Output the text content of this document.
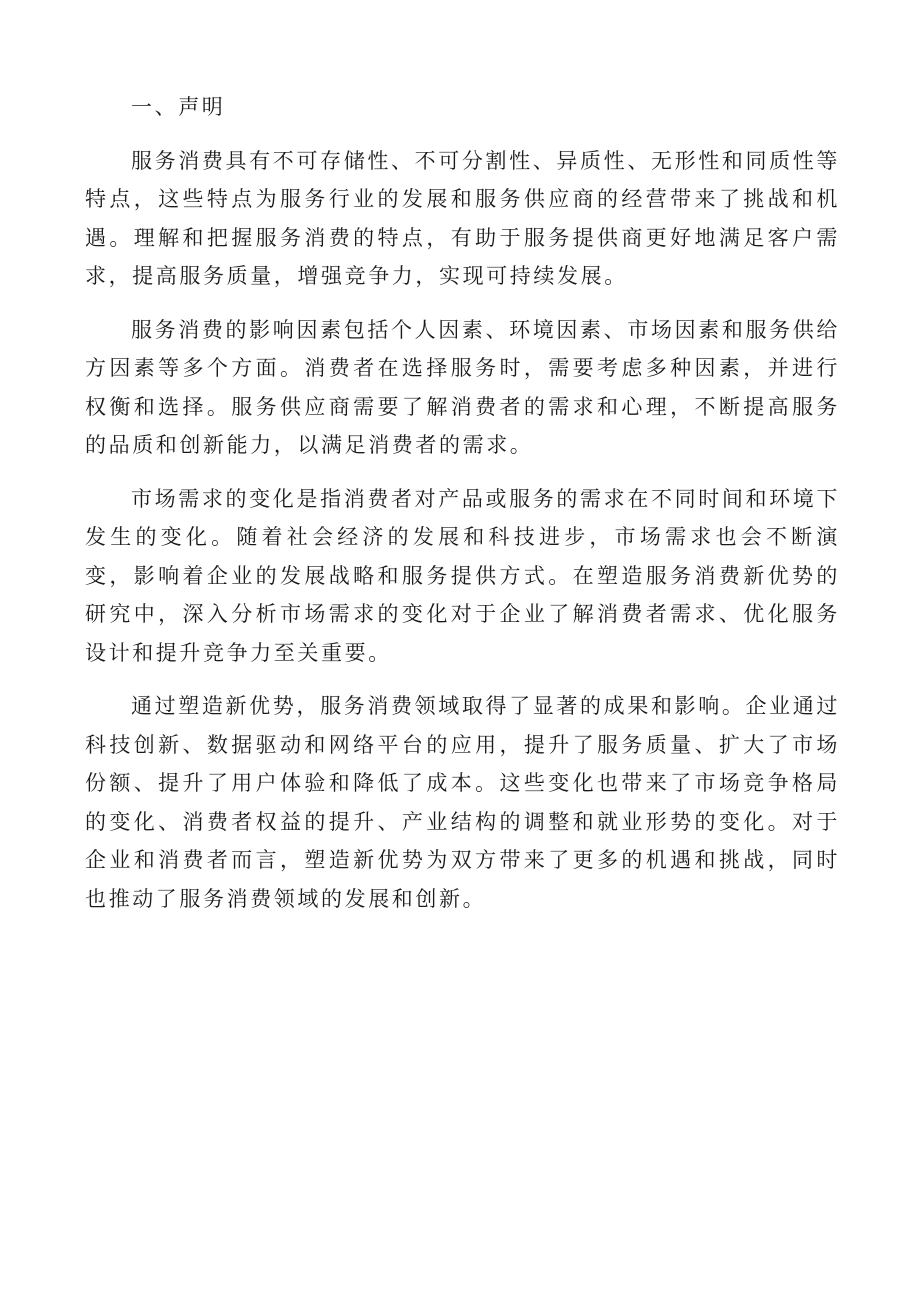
一、声明

服务消费具有不可存储性、不可分割性、异质性、无形性和同质性等特点，这些特点为服务行业的发展和服务供应商的经营带来了挑战和机遇。理解和把握服务消费的特点，有助于服务提供商更好地满足客户需求，提高服务质量，增强竞争力，实现可持续发展。

服务消费的影响因素包括个人因素、环境因素、市场因素和服务供给方因素等多个方面。消费者在选择服务时，需要考虑多种因素，并进行权衡和选择。服务供应商需要了解消费者的需求和心理，不断提高服务的品质和创新能力，以满足消费者的需求。

市场需求的变化是指消费者对产品或服务的需求在不同时间和环境下发生的变化。随着社会经济的发展和科技进步，市场需求也会不断演变，影响着企业的发展战略和服务提供方式。在塑造服务消费新优势的研究中，深入分析市场需求的变化对于企业了解消费者需求、优化服务设计和提升竞争力至关重要。

通过塑造新优势，服务消费领域取得了显著的成果和影响。企业通过科技创新、数据驱动和网络平台的应用，提升了服务质量、扩大了市场份额、提升了用户体验和降低了成本。这些变化也带来了市场竞争格局的变化、消费者权益的提升、产业结构的调整和就业形势的变化。对于企业和消费者而言，塑造新优势为双方带来了更多的机遇和挑战，同时也推动了服务消费领域的发展和创新。
